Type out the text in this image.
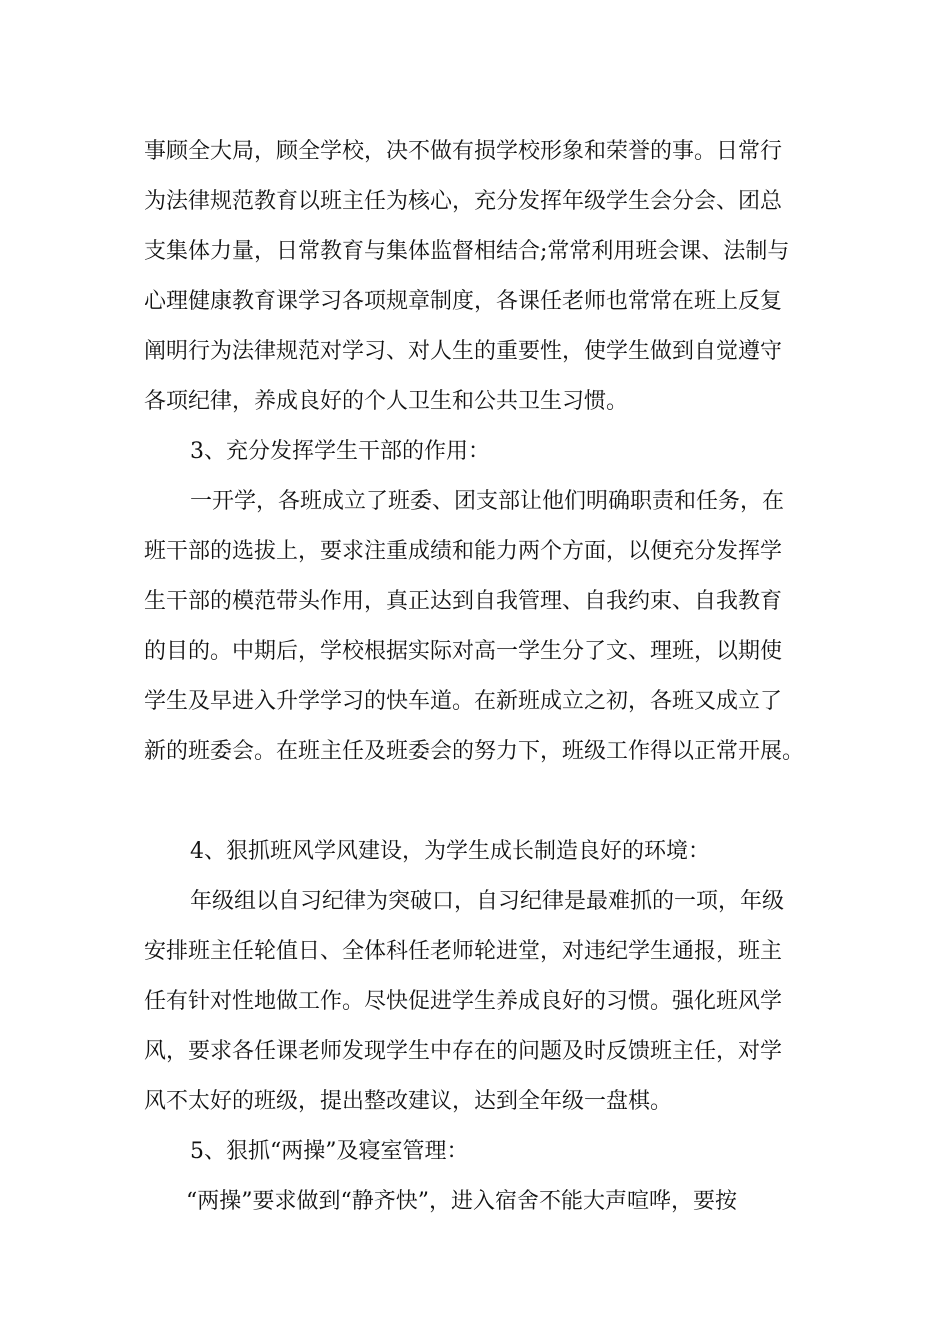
事顾全大局，顾全学校，决不做有损学校形象和荣誉的事。日常行
为法律规范教育以班主任为核心，充分发挥年级学生会分会、团总
支集体力量，日常教育与集体监督相结合;常常利用班会课、法制与
心理健康教育课学习各项规章制度，各课任老师也常常在班上反复
阐明行为法律规范对学习、对人生的重要性，使学生做到自觉遵守
各项纪律，养成良好的个人卫生和公共卫生习惯。
3、充分发挥学生干部的作用：
一开学，各班成立了班委、团支部让他们明确职责和任务，在
班干部的选拔上，要求注重成绩和能力两个方面，以便充分发挥学
生干部的模范带头作用，真正达到自我管理、自我约束、自我教育
的目的。中期后，学校根据实际对高一学生分了文、理班，以期使
学生及早进入升学学习的快车道。在新班成立之初，各班又成立了
新的班委会。在班主任及班委会的努力下，班级工作得以正常开展。
4、狠抓班风学风建设，为学生成长制造良好的环境：
年级组以自习纪律为突破口，自习纪律是最难抓的一项，年级
安排班主任轮值日、全体科任老师轮进堂，对违纪学生通报，班主
任有针对性地做工作。尽快促进学生养成良好的习惯。强化班风学
风，要求各任课老师发现学生中存在的问题及时反馈班主任，对学
风不太好的班级，提出整改建议，达到全年级一盘棋。
5、狠抓“两操”及寝室管理：
“两操”要求做到“静齐快”，进入宿舍不能大声喧哗，要按
